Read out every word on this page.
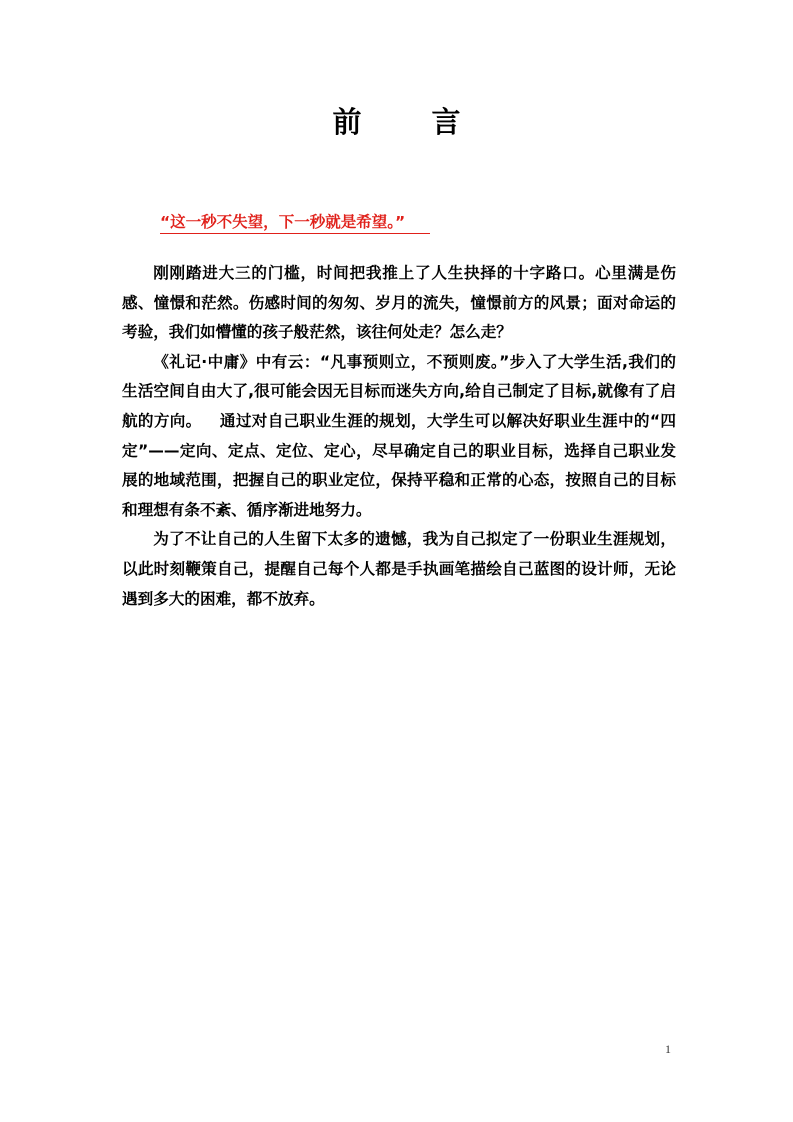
前 言
“这一秒不失望，下一秒就是希望。”

刚刚踏进大三的门槛，时间把我推上了人生抉择的十字路口。心里满是伤感、憧憬和茫然。伤感时间的匆匆、岁月的流失，憧憬前方的风景；面对命运的考验，我们如懵懂的孩子般茫然，该往何处走？怎么走？

《礼记·中庸》中有云：“凡事预则立，不预则废。”步入了大学生活,我们的生活空间自由大了,很可能会因无目标而迷失方向,给自己制定了目标,就像有了启航的方向。 通过对自己职业生涯的规划，大学生可以解决好职业生涯中的“四定”——定向、定点、定位、定心，尽早确定自己的职业目标，选择自己职业发展的地域范围，把握自己的职业定位，保持平稳和正常的心态，按照自己的目标和理想有条不紊、循序渐进地努力。

为了不让自己的人生留下太多的遗憾，我为自己拟定了一份职业生涯规划，以此时刻鞭策自己，提醒自己每个人都是手执画笔描绘自己蓝图的设计师，无论遇到多大的困难，都不放弃。

1
